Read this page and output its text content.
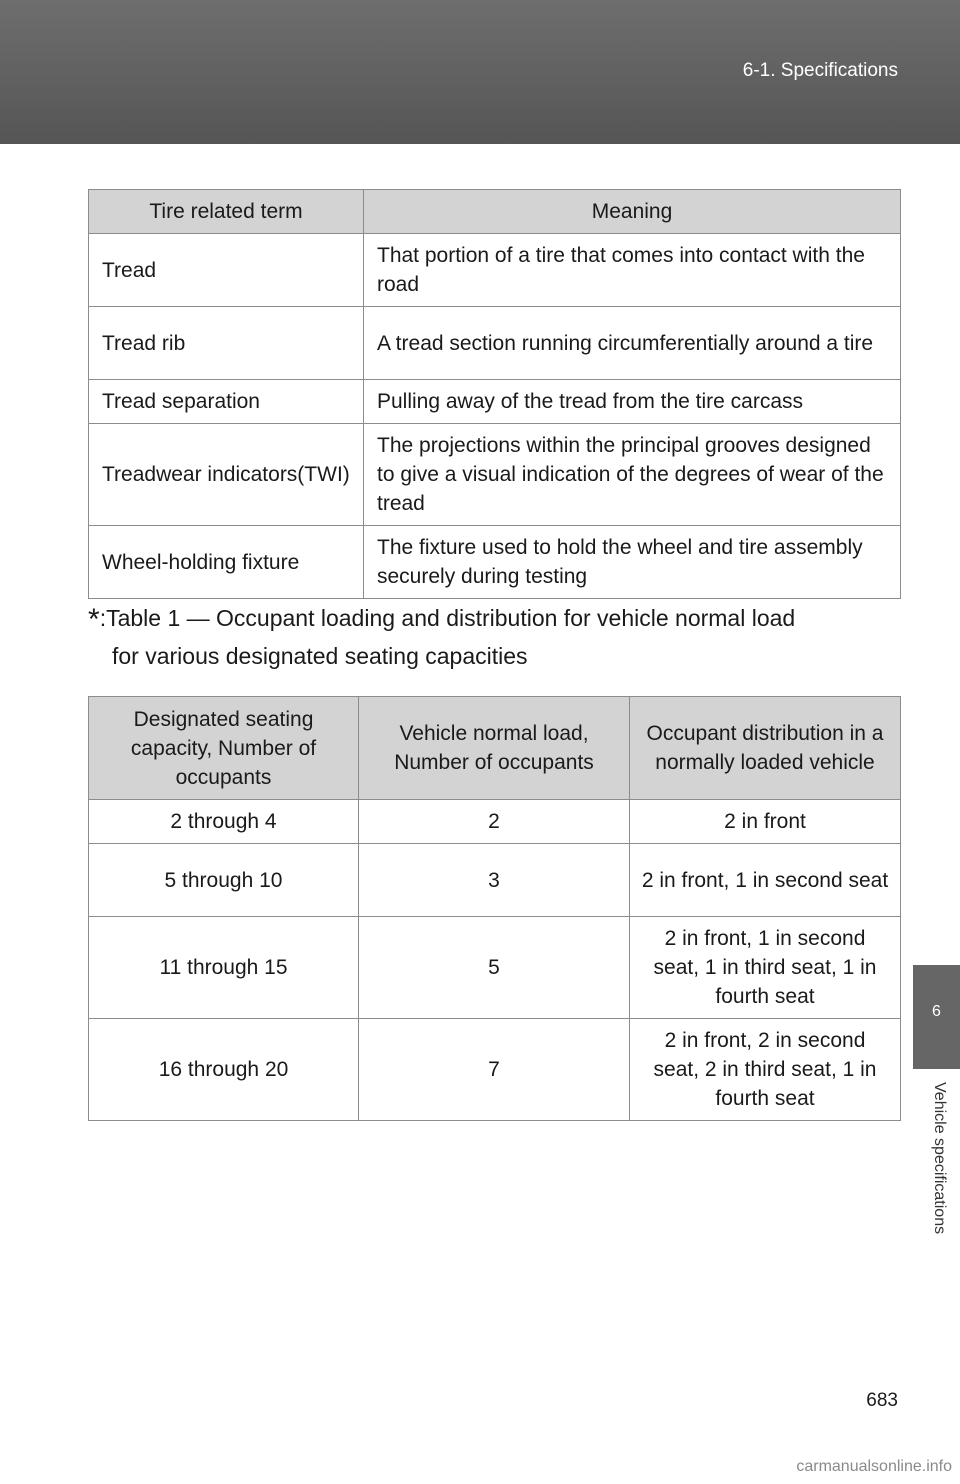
6-1. Specifications
6
Vehicle specifications
Tire related term	Meaning
Tread	That portion of a tire that comes into contact with the road
Tread rib	A tread section running circumferentially around a tire
Tread separation	Pulling away of the tread from the tire carcass
Treadwear indicators(TWI)	The projections within the principal grooves designed to give a visual indication of the degrees of wear of the tread
Wheel-holding fixture	The fixture used to hold the wheel and tire assembly securely during testing
*:Table 1 — Occupant loading and distribution for vehicle normal load
for various designated seating capacities
Designated seating capacity, Number of occupants	Vehicle normal load, Number of occupants	Occupant distribution in a normally loaded vehicle
2 through 4	2	2 in front
5 through 10	3	2 in front, 1 in second seat
11 through 15	5	2 in front, 1 in second seat, 1 in third seat, 1 in fourth seat
16 through 20	7	2 in front, 2 in second seat, 2 in third seat, 1 in fourth seat
683
carmanualsonline.info
